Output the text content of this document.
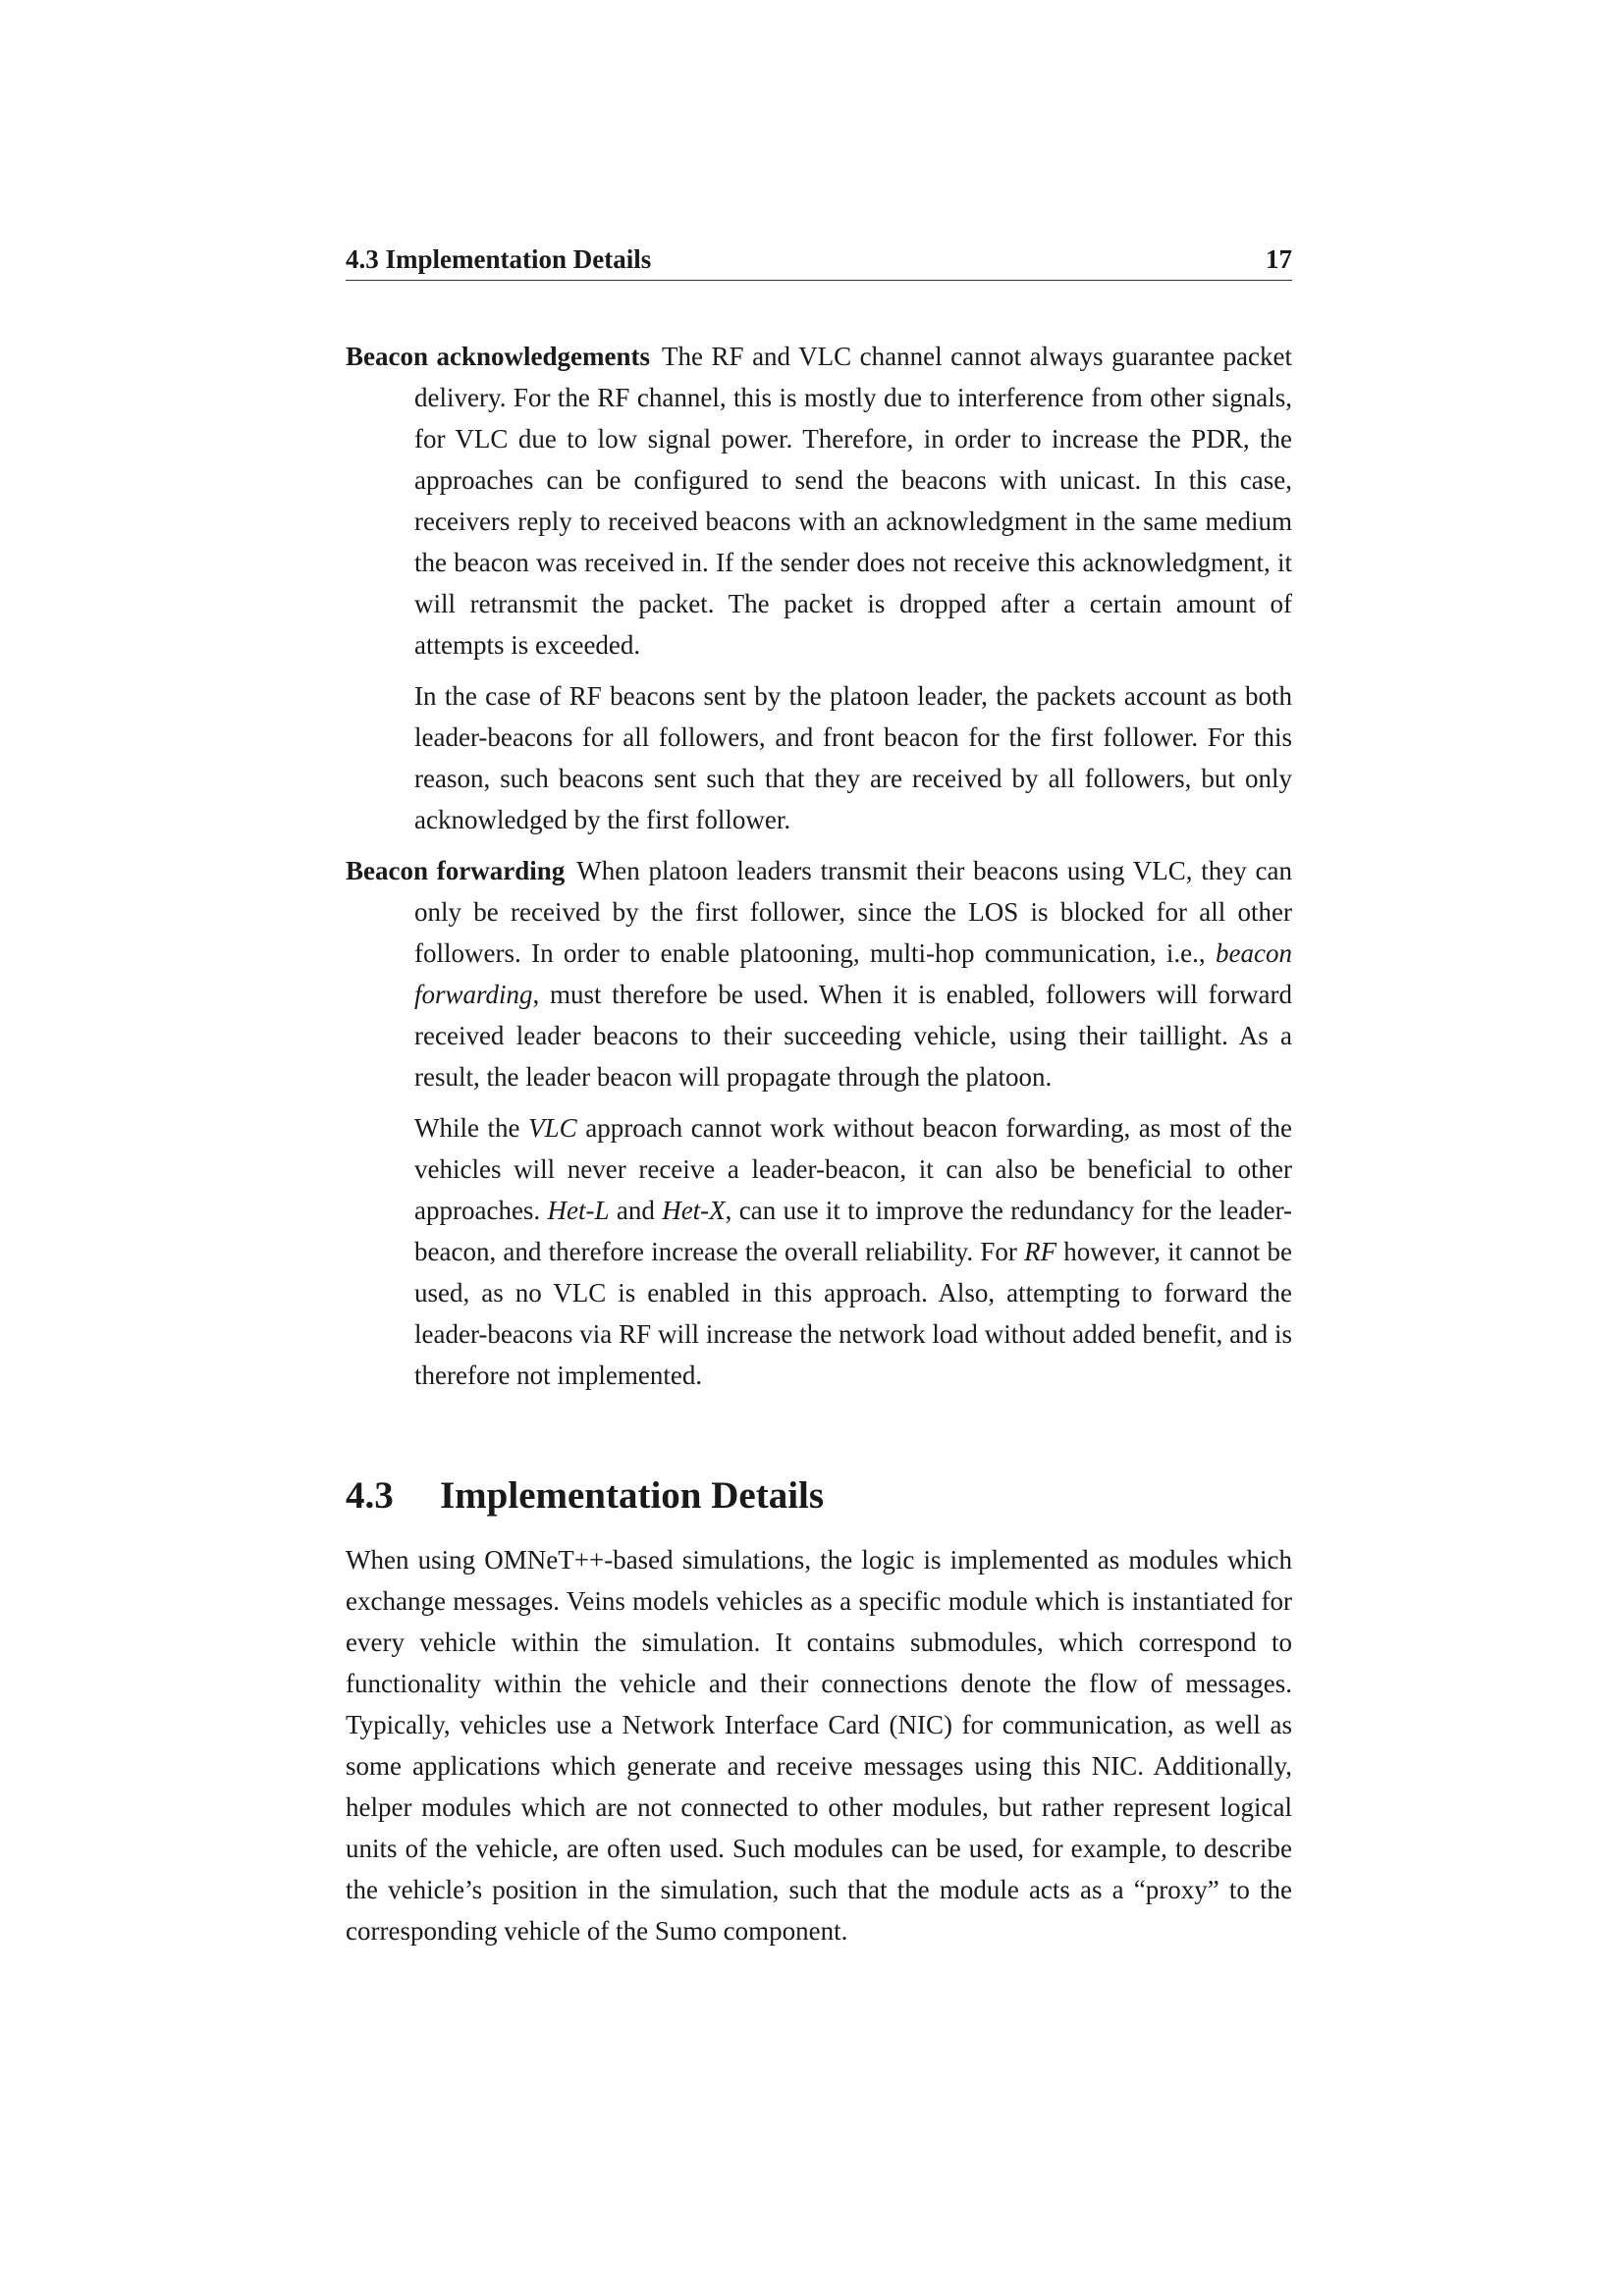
4.3 Implementation Details	17

Beacon acknowledgements The RF and VLC channel cannot always guarantee packet delivery. For the RF channel, this is mostly due to interference from other signals, for VLC due to low signal power. Therefore, in order to increase the PDR, the approaches can be configured to send the beacons with unicast. In this case, receivers reply to received beacons with an acknowledgment in the same medium the beacon was received in. If the sender does not receive this acknowledgment, it will retransmit the packet. The packet is dropped after a certain amount of attempts is exceeded.

In the case of RF beacons sent by the platoon leader, the packets account as both leader-beacons for all followers, and front beacon for the first follower. For this reason, such beacons sent such that they are received by all followers, but only acknowledged by the first follower.

Beacon forwarding When platoon leaders transmit their beacons using VLC, they can only be received by the first follower, since the LOS is blocked for all other followers. In order to enable platooning, multi-hop communication, i.e., beacon forwarding, must therefore be used. When it is enabled, followers will forward received leader beacons to their succeeding vehicle, using their taillight. As a result, the leader beacon will propagate through the platoon.

While the VLC approach cannot work without beacon forwarding, as most of the vehicles will never receive a leader-beacon, it can also be beneficial to other approaches. Het-L and Het-X, can use it to improve the redundancy for the leader-beacon, and therefore increase the overall reliability. For RF however, it cannot be used, as no VLC is enabled in this approach. Also, attempting to forward the leader-beacons via RF will increase the network load without added benefit, and is therefore not implemented.

4.3	Implementation Details

When using OMNeT++-based simulations, the logic is implemented as modules which exchange messages. Veins models vehicles as a specific module which is instantiated for every vehicle within the simulation. It contains submodules, which correspond to functionality within the vehicle and their connections denote the flow of messages. Typically, vehicles use a Network Interface Card (NIC) for communication, as well as some applications which generate and receive messages using this NIC. Additionally, helper modules which are not connected to other modules, but rather represent logical units of the vehicle, are often used. Such modules can be used, for example, to describe the vehicle’s position in the simulation, such that the module acts as a “proxy” to the corresponding vehicle of the Sumo component.
